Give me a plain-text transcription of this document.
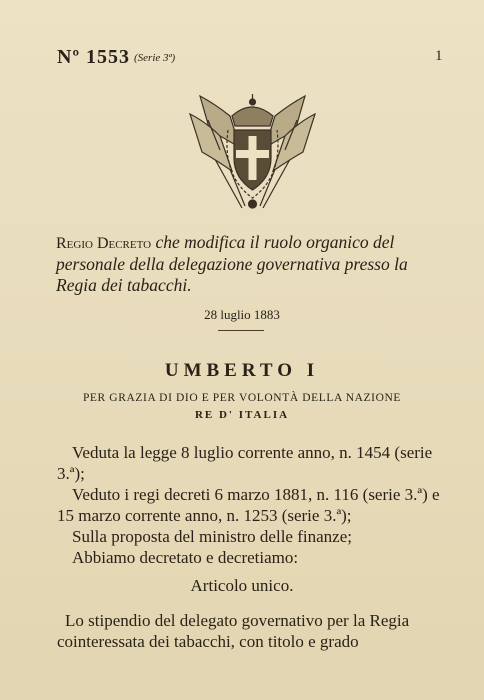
Nº 1553 (Serie 3ª)	1
Regio Decreto che modifica il ruolo organico del personale della delegazione governativa presso la Regia dei tabacchi.
28 luglio 1883
UMBERTO I
PER GRAZIA DI DIO E PER VOLONTÀ DELLA NAZIONE
RE D' ITALIA

Veduta la legge 8 luglio corrente anno, n. 1454 (serie 3.ª);

Veduto i regi decreti 6 marzo 1881, n. 116 (serie 3.ª) e 15 marzo corrente anno, n. 1253 (serie 3.ª);

Sulla proposta del ministro delle finanze;

Abbiamo decretato e decretiamo:

Articolo unico.

Lo stipendio del delegato governativo per la Regia cointeressata dei tabacchi, con titolo e grado
